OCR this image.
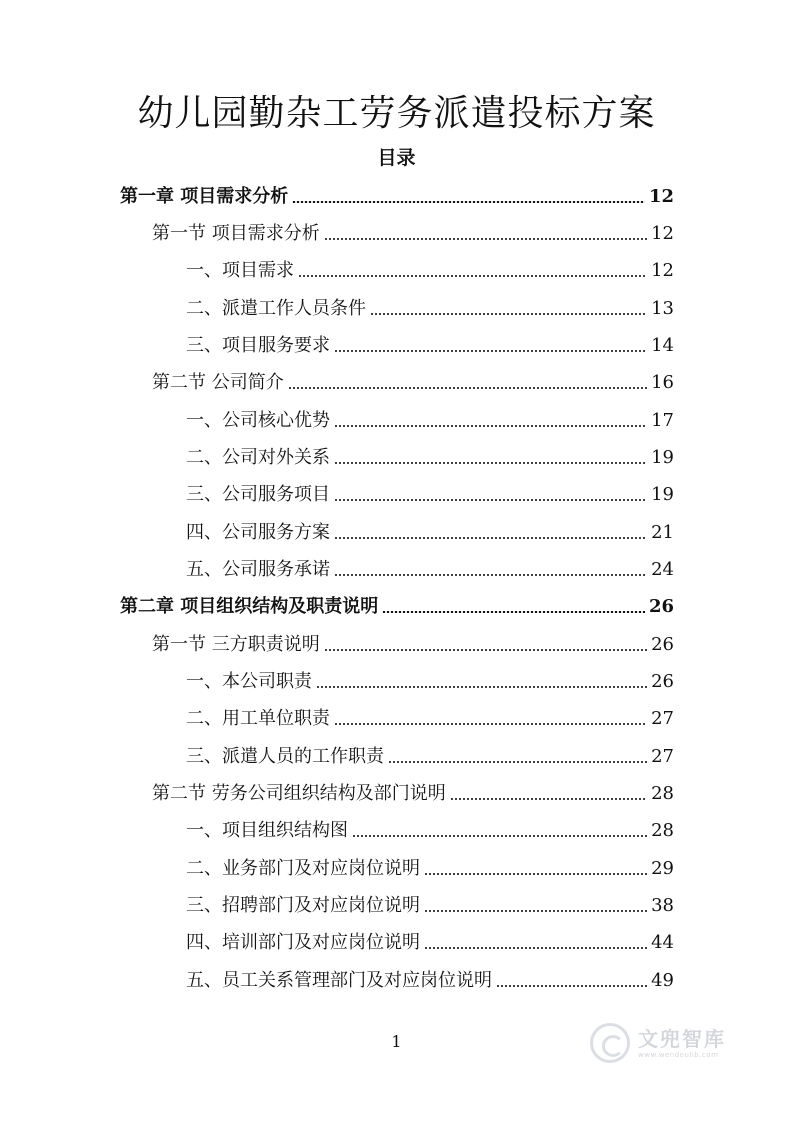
幼儿园勤杂工劳务派遣投标方案
目录
第一章 项目需求分析	12
第一节 项目需求分析	12
一、项目需求	12
二、派遣工作人员条件	13
三、项目服务要求	14
第二节 公司简介	16
一、公司核心优势	17
二、公司对外关系	19
三、公司服务项目	19
四、公司服务方案	21
五、公司服务承诺	24
第二章 项目组织结构及职责说明	26
第一节 三方职责说明	26
一、本公司职责	26
二、用工单位职责	27
三、派遣人员的工作职责	27
第二节 劳务公司组织结构及部门说明	28
一、项目组织结构图	28
二、业务部门及对应岗位说明	29
三、招聘部门及对应岗位说明	38
四、培训部门及对应岗位说明	44
五、员工关系管理部门及对应岗位说明	49
1	文兜智库
www.wendoulib.com
